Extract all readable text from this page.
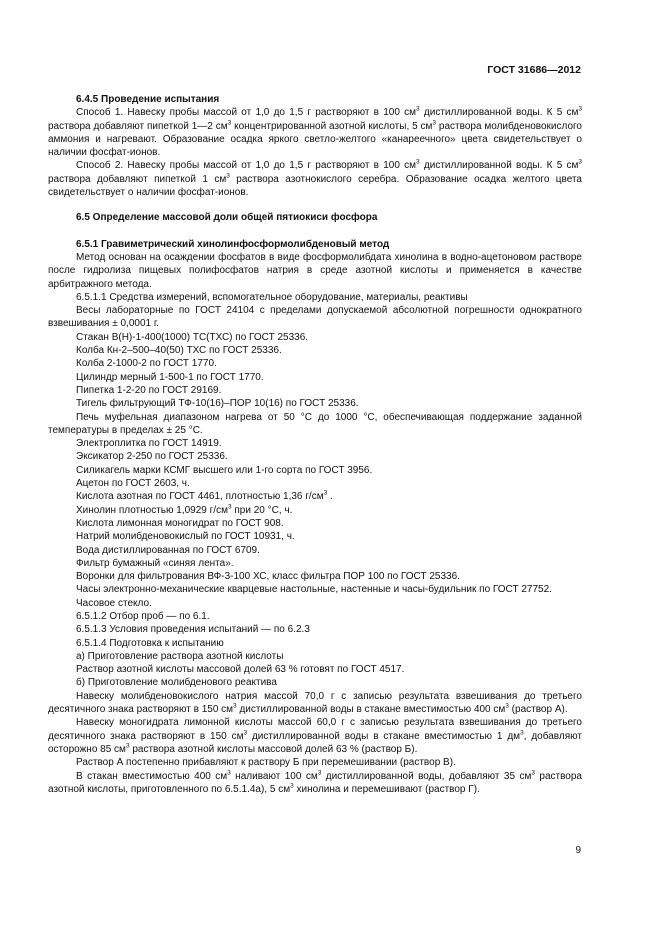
ГОСТ 31686—2012

6.4.5 Проведение испытания

Способ 1. Навеску пробы массой от 1,0 до 1,5 г растворяют в 100 $см^3$ дистиллированной воды. К 5 $см^3$ раствора добавляют пипеткой 1—2 $см^3$ концентрированной азотной кислоты, 5 $см^3$ раствора молибденовокислого аммония и нагревают. Образование осадка яркого светло-желтого «канареечного» цвета свидетельствует о наличии фосфат-ионов.

Способ 2. Навеску пробы массой от 1,0 до 1,5 г растворяют в 100 $см^3$ дистиллированной воды. К 5 $см^3$ раствора добавляют пипеткой 1 $см^3$ раствора азотнокислого серебра. Образование осадка желтого цвета свидетельствует о наличии фосфат-ионов.

6.5 Определение массовой доли общей пятиокиси фосфора

6.5.1 Гравиметрический хинолинфосформолибденовый метод

Метод основан на осаждении фосфатов в виде фосформолибдата хинолина в водно-ацетоновом растворе после гидролиза пищевых полифосфатов натрия в среде азотной кислоты и применяется в качестве арбитражного метода.

6.5.1.1 Средства измерений, вспомогательное оборудование, материалы, реактивы

Весы лабораторные по ГОСТ 24104 с пределами допускаемой абсолютной погрешности однократного взвешивания ± 0,0001 г.

Стакан В(Н)-1-400(1000) ТС(ТХС) по ГОСТ 25336.

Колба Кн-2–500–40(50) ТХС по ГОСТ 25336.

Колба 2-1000-2 по ГОСТ 1770.

Цилиндр мерный 1-500-1 по ГОСТ 1770.

Пипетка 1-2-20 по ГОСТ 29169.

Тигель фильтрующий ТФ-10(16)–ПОР 10(16) по ГОСТ 25336.

Печь муфельная диапазоном нагрева от 50 °С до 1000 °С, обеспечивающая поддержание заданной температуры в пределах ± 25 °С.

Электроплитка по ГОСТ 14919.

Эксикатор 2-250 по ГОСТ 25336.

Силикагель марки КСМГ высшего или 1-го сорта по ГОСТ 3956.

Ацетон по ГОСТ 2603, ч.

Кислота азотная по ГОСТ 4461, плотностью 1,36 $г/см^3$ .

Хинолин плотностью 1,0929 $г/см^3$ при 20 °С, ч.

Кислота лимонная моногидрат по ГОСТ 908.

Натрий молибденовокислый по ГОСТ 10931, ч.

Вода дистиллированная по ГОСТ 6709.

Фильтр бумажный «синяя лента».

Воронки для фильтрования ВФ-3-100 ХС, класс фильтра ПОР 100 по ГОСТ 25336.

Часы электронно-механические кварцевые настольные, настенные и часы-будильник по ГОСТ 27752.

Часовое стекло.

6.5.1.2 Отбор проб — по 6.1.

6.5.1.3 Условия проведения испытаний — по 6.2.3

6.5.1.4 Подготовка к испытанию

а) Приготовление раствора азотной кислоты

Раствор азотной кислоты массовой долей 63 % готовят по ГОСТ 4517.

б) Приготовление молибденового реактива

Навеску молибденовокислого натрия массой 70,0 г с записью результата взвешивания до третьего десятичного знака растворяют в 150 $см^3$ дистиллированной воды в стакане вместимостью 400 $см^3$ (раствор А).

Навеску моногидрата лимонной кислоты массой 60,0 г с записью результата взвешивания до третьего десятичного знака растворяют в 150 $см^3$ дистиллированной воды в стакане вместимостью 1 $дм^3$, добавляют осторожно 85 $см^3$ раствора азотной кислоты массовой долей 63 % (раствор Б).

Раствор А постепенно прибавляют к раствору Б при перемешивании (раствор В).

В стакан вместимостью 400 $см^3$ наливают 100 $см^3$ дистиллированной воды, добавляют 35 $см^3$ раствора азотной кислоты, приготовленного по 6.5.1.4а), 5 $см^3$ хинолина и перемешивают (раствор Г).

9
